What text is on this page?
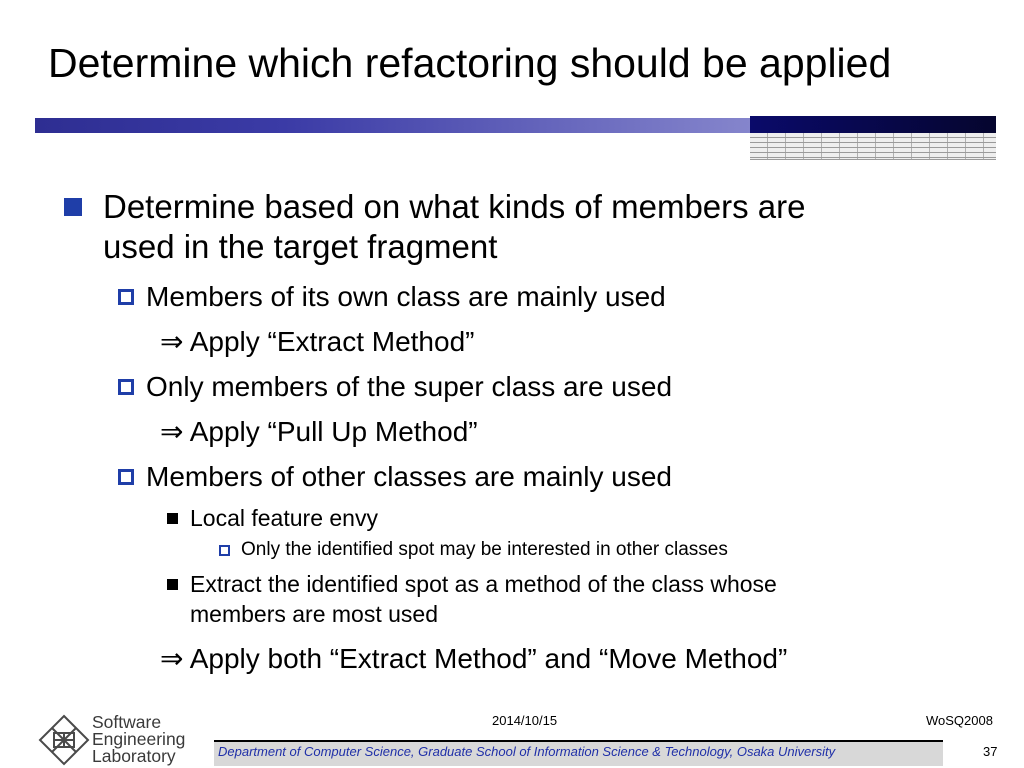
Determine which refactoring should be applied
Determine based on what kinds of members are
used in the target fragment
Members of its own class are mainly used
⇒ Apply “Extract Method”
Only members of the super class are used
⇒ Apply “Pull Up Method”
Members of other classes are mainly used
Local feature envy
Only the identified spot may be interested in other classes
Extract the identified spot as a method of the class whose
members are most used
⇒ Apply both “Extract Method” and “Move Method”
Software
Engineering
Laboratory
2014/10/15	WoSQ2008
Department of Computer Science, Graduate School of Information Science & Technology, Osaka University	37
